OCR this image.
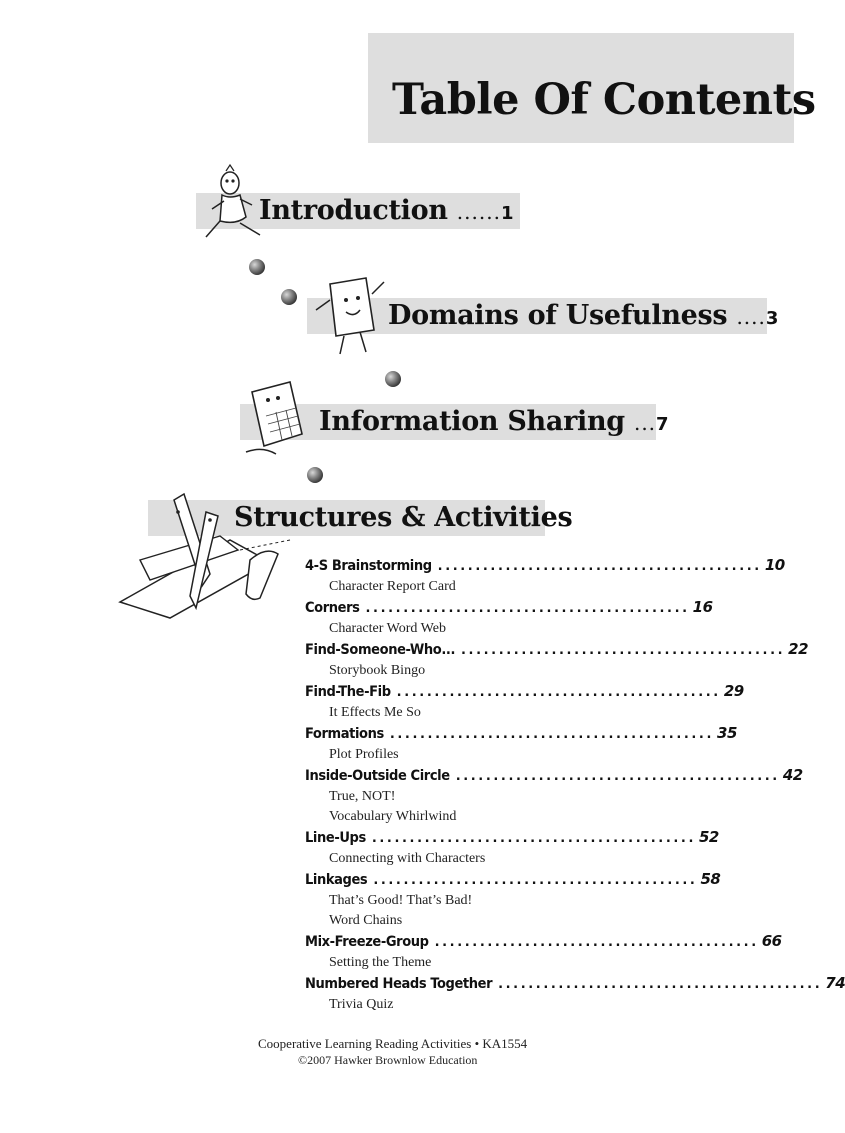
Table Of Contents
Introduction ......1
Domains of Usefulness ....3
Information Sharing ...7
Structures & Activities
4-S Brainstorming ........................................... 10
Character Report Card
Corners ........................................... 16
Character Word Web
Find-Someone-Who... ........................................... 22
Storybook Bingo
Find-The-Fib ........................................... 29
It Effects Me So
Formations ........................................... 35
Plot Profiles
Inside-Outside Circle ........................................... 42
True, NOT!
Vocabulary Whirlwind
Line-Ups ........................................... 52
Connecting with Characters
Linkages ........................................... 58
That’s Good! That’s Bad!
Word Chains
Mix-Freeze-Group ........................................... 66
Setting the Theme
Numbered Heads Together ........................................... 74
Trivia Quiz
Cooperative Learning Reading Activities • KA1554
©2007 Hawker Brownlow Education
